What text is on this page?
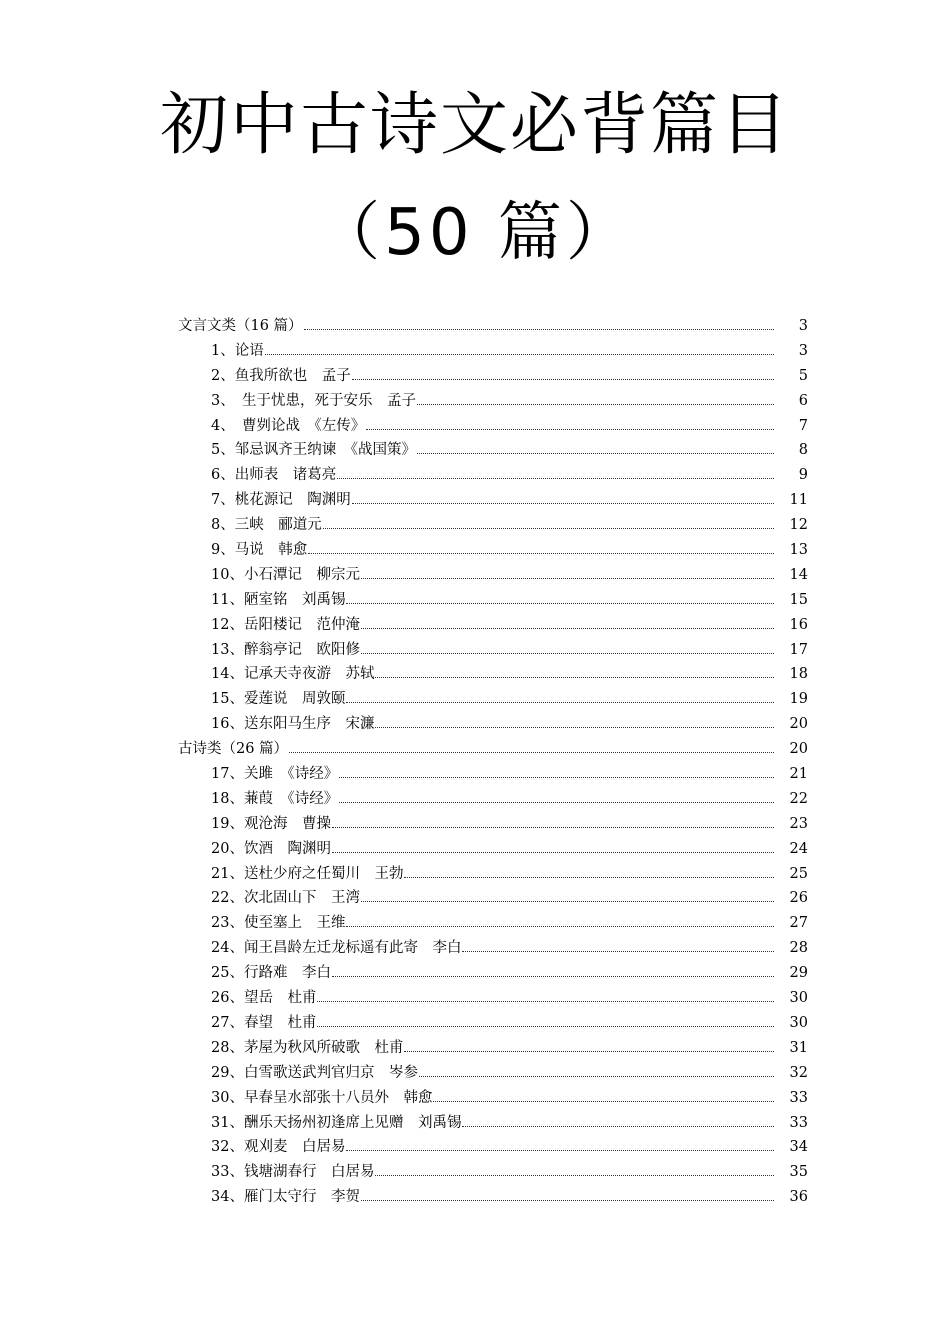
初中古诗文必背篇目
（50 篇）
文言文类（16 篇）	3
1、论语	3
2、鱼我所欲也　孟子	5
3、　生于忧患，死于安乐　孟子	6
4、　曹刿论战　《左传》	7
5、邹忌讽齐王纳谏　《战国策》	8
6、出师表　诸葛亮	9
7、桃花源记　陶渊明	11
8、三峡　郦道元	12
9、马说　韩愈	13
10、小石潭记　柳宗元	14
11、陋室铭　刘禹锡	15
12、岳阳楼记　范仲淹	16
13、醉翁亭记　欧阳修	17
14、记承天寺夜游　苏轼	18
15、爱莲说　周敦颐	19
16、送东阳马生序　宋濂	20
古诗类（26 篇）	20
17、关雎　《诗经》	21
18、蒹葭　《诗经》	22
19、观沧海　曹操	23
20、饮酒　陶渊明	24
21、送杜少府之任蜀川　王勃	25
22、次北固山下　王湾	26
23、使至塞上　王维	27
24、闻王昌龄左迁龙标遥有此寄　李白	28
25、行路难　李白	29
26、望岳　杜甫	30
27、春望　杜甫	30
28、茅屋为秋风所破歌　杜甫	31
29、白雪歌送武判官归京　岑参	32
30、早春呈水部张十八员外　韩愈	33
31、酬乐天扬州初逢席上见赠　刘禹锡	33
32、观刈麦　白居易	34
33、钱塘湖春行　白居易	35
34、雁门太守行　李贺	36
